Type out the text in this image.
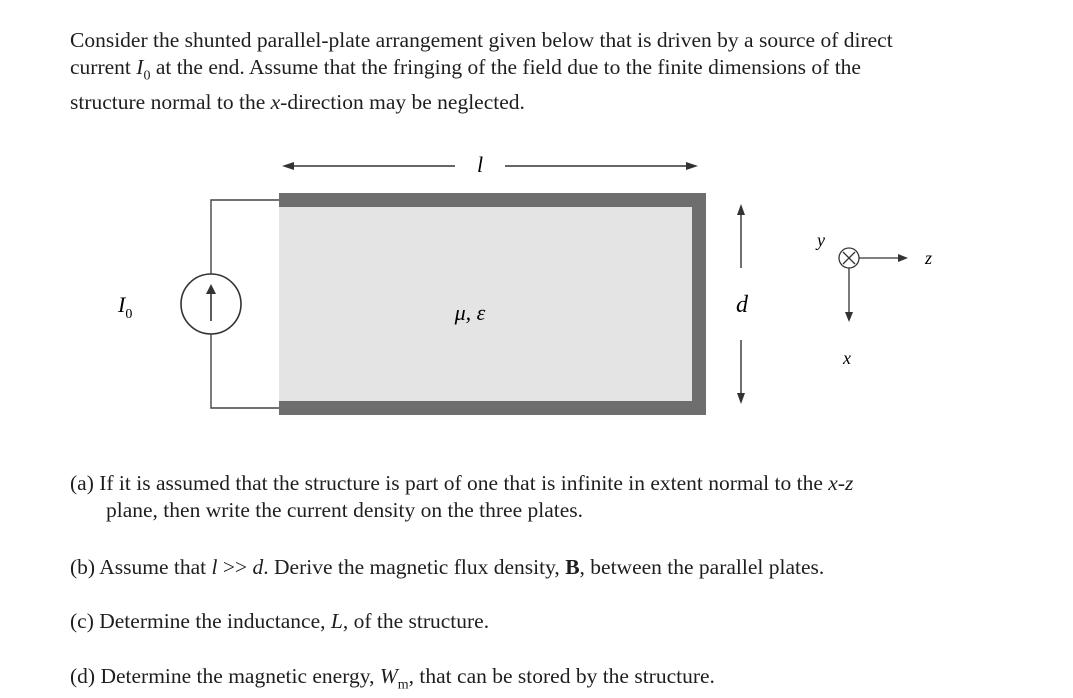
Consider the shunted parallel-plate arrangement given below that is driven by a source of direct
current $I_0$ at the end. Assume that the fringing of the field due to the finite dimensions of the
structure normal to the x-direction may be neglected.
l
μ, ε
$I_0$	d
y
z
x
(a) If it is assumed that the structure is part of one that is infinite in extent normal to the x-z
plane, then write the current density on the three plates.
(b) Assume that l >> d. Derive the magnetic flux density, B, between the parallel plates.
(c) Determine the inductance, L, of the structure.
(d) Determine the magnetic energy, $W_m$, that can be stored by the structure.
